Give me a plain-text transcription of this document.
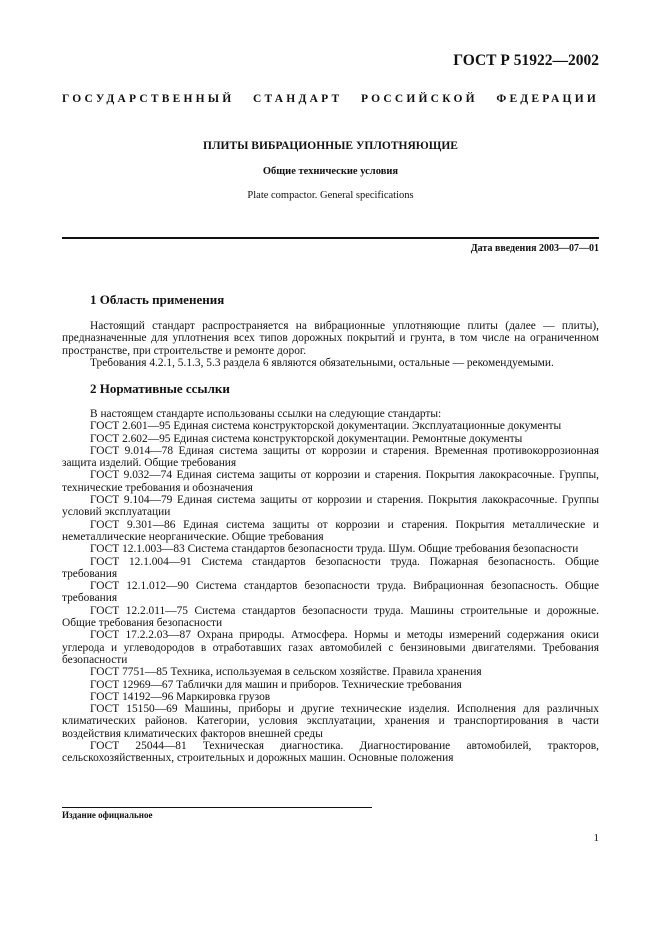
ГОСТ Р 51922—2002
ГОСУДАРСТВЕННЫЙ СТАНДАРТ РОССИЙСКОЙ ФЕДЕРАЦИИ
ПЛИТЫ ВИБРАЦИОННЫЕ УПЛОТНЯЮЩИЕ
Общие технические условия
Plate compactor. General specifications
Дата введения 2003—07—01
1 Область применения

Настоящий стандарт распространяется на вибрационные уплотняющие плиты (далее — плиты), предназначенные для уплотнения всех типов дорожных покрытий и грунта, в том числе на ограниченном пространстве, при строительстве и ремонте дорог.

Требования 4.2.1, 5.1.3, 5.3 раздела 6 являются обязательными, остальные — рекомендуемыми.

2 Нормативные ссылки

В настоящем стандарте использованы ссылки на следующие стандарты:

ГОСТ 2.601—95 Единая система конструкторской документации. Эксплуатационные документы

ГОСТ 2.602—95 Единая система конструкторской документации. Ремонтные документы

ГОСТ 9.014—78 Единая система защиты от коррозии и старения. Временная противокоррозионная защита изделий. Общие требования

ГОСТ 9.032—74 Единая система защиты от коррозии и старения. Покрытия лакокрасочные. Группы, технические требования и обозначения

ГОСТ 9.104—79 Единая система защиты от коррозии и старения. Покрытия лакокрасочные. Группы условий эксплуатации

ГОСТ 9.301—86 Единая система защиты от коррозии и старения. Покрытия металлические и неметаллические неорганические. Общие требования

ГОСТ 12.1.003—83 Система стандартов безопасности труда. Шум. Общие требования безопасности

ГОСТ 12.1.004—91 Система стандартов безопасности труда. Пожарная безопасность. Общие требования

ГОСТ 12.1.012—90 Система стандартов безопасности труда. Вибрационная безопасность. Общие требования

ГОСТ 12.2.011—75 Система стандартов безопасности труда. Машины строительные и дорожные. Общие требования безопасности

ГОСТ 17.2.2.03—87 Охрана природы. Атмосфера. Нормы и методы измерений содержания окиси углерода и углеводородов в отработавших газах автомобилей с бензиновыми двигателями. Требования безопасности

ГОСТ 7751—85 Техника, используемая в сельском хозяйстве. Правила хранения

ГОСТ 12969—67 Таблички для машин и приборов. Технические требования

ГОСТ 14192—96 Маркировка грузов

ГОСТ 15150—69 Машины, приборы и другие технические изделия. Исполнения для различных климатических районов. Категории, условия эксплуатации, хранения и транспортирования в части воздействия климатических факторов внешней среды

ГОСТ 25044—81 Техническая диагностика. Диагностирование автомобилей, тракторов, сельскохозяйственных, строительных и дорожных машин. Основные положения

Издание официальное
1
